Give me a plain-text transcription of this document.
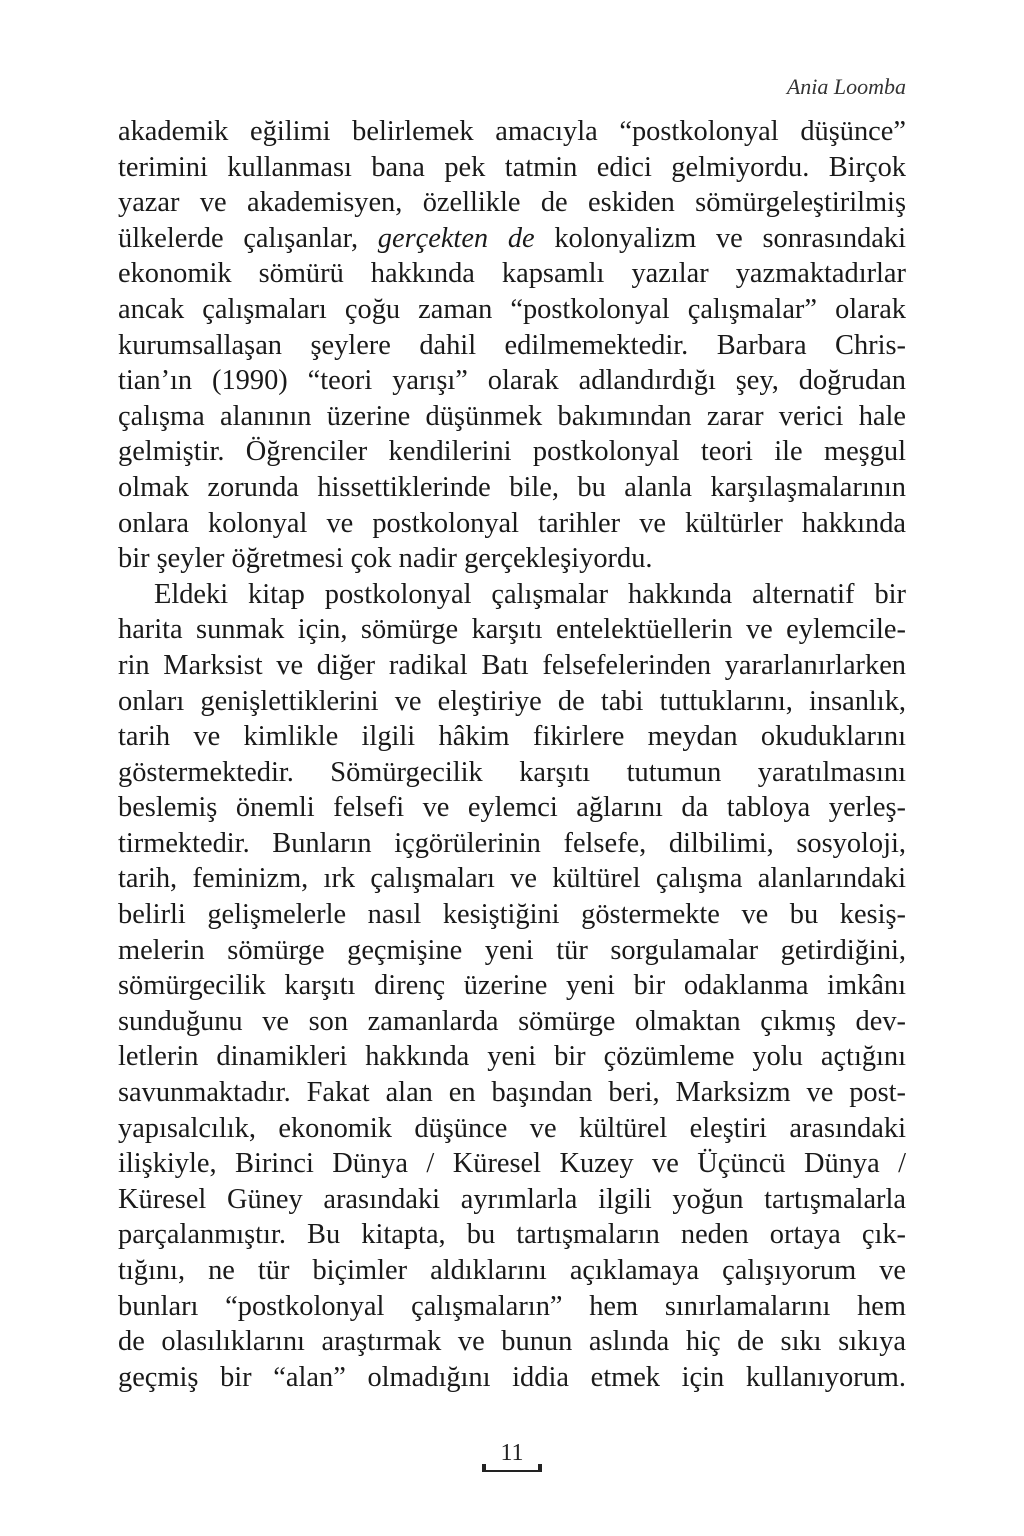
Ania Loomba
akademik eğilimi belirlemek amacıyla “postkolonyal düşünce”
terimini kullanması bana pek tatmin edici gelmiyordu. Birçok
yazar ve akademisyen, özellikle de eskiden sömürgeleştirilmiş
ülkelerde çalışanlar, gerçekten de kolonyalizm ve sonrasındaki
ekonomik sömürü hakkında kapsamlı yazılar yazmaktadırlar
ancak çalışmaları çoğu zaman “postkolonyal çalışmalar” olarak
kurumsallaşan şeylere dahil edilmemektedir. Barbara Chris-
tian’ın (1990) “teori yarışı” olarak adlandırdığı şey, doğrudan
çalışma alanının üzerine düşünmek bakımından zarar verici hale
gelmiştir. Öğrenciler kendilerini postkolonyal teori ile meşgul
olmak zorunda hissettiklerinde bile, bu alanla karşılaşmalarının
onlara kolonyal ve postkolonyal tarihler ve kültürler hakkında
bir şeyler öğretmesi çok nadir gerçekleşiyordu.
Eldeki kitap postkolonyal çalışmalar hakkında alternatif bir
harita sunmak için, sömürge karşıtı entelektüellerin ve eylemcile-
rin Marksist ve diğer radikal Batı felsefelerinden yararlanırlarken
onları genişlettiklerini ve eleştiriye de tabi tuttuklarını, insanlık,
tarih ve kimlikle ilgili hâkim fikirlere meydan okuduklarını
göstermektedir. Sömürgecilik karşıtı tutumun yaratılmasını
beslemiş önemli felsefi ve eylemci ağlarını da tabloya yerleş-
tirmektedir. Bunların içgörülerinin felsefe, dilbilimi, sosyoloji,
tarih, feminizm, ırk çalışmaları ve kültürel çalışma alanlarındaki
belirli gelişmelerle nasıl kesiştiğini göstermekte ve bu kesiş-
melerin sömürge geçmişine yeni tür sorgulamalar getirdiğini,
sömürgecilik karşıtı direnç üzerine yeni bir odaklanma imkânı
sunduğunu ve son zamanlarda sömürge olmaktan çıkmış dev-
letlerin dinamikleri hakkında yeni bir çözümleme yolu açtığını
savunmaktadır. Fakat alan en başından beri, Marksizm ve post-
yapısalcılık, ekonomik düşünce ve kültürel eleştiri arasındaki
ilişkiyle, Birinci Dünya / Küresel Kuzey ve Üçüncü Dünya /
Küresel Güney arasındaki ayrımlarla ilgili yoğun tartışmalarla
parçalanmıştır. Bu kitapta, bu tartışmaların neden ortaya çık-
tığını, ne tür biçimler aldıklarını açıklamaya çalışıyorum ve
bunları “postkolonyal çalışmaların” hem sınırlamalarını hem
de olasılıklarını araştırmak ve bunun aslında hiç de sıkı sıkıya
geçmiş bir “alan” olmadığını iddia etmek için kullanıyorum.
11
